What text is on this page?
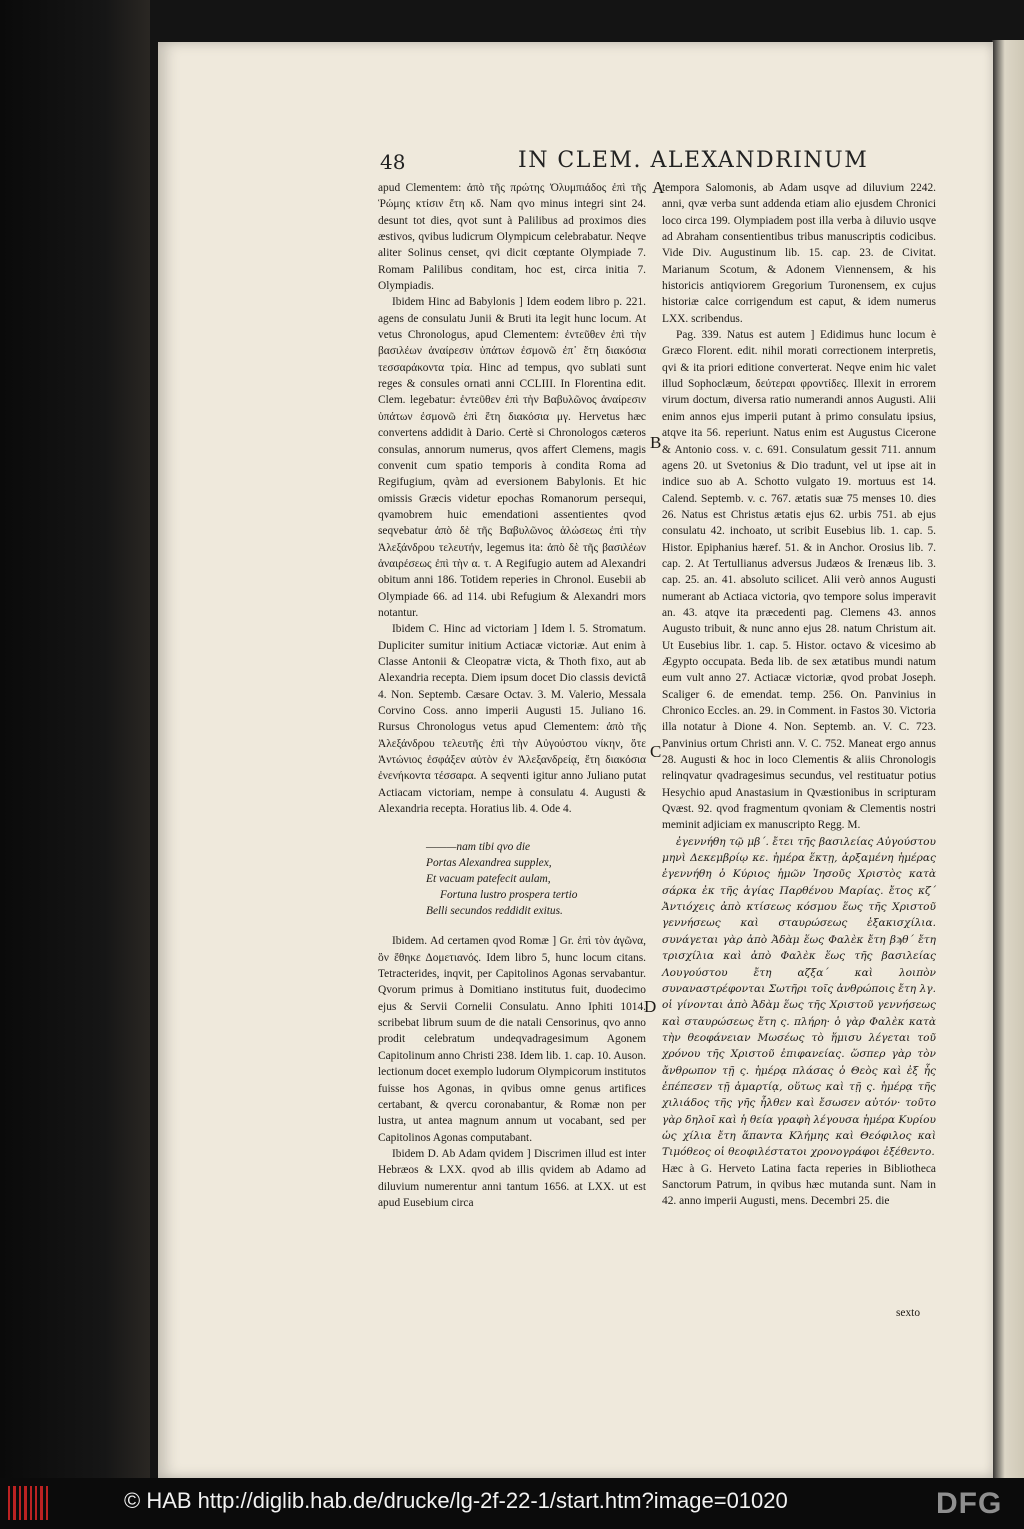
48	IN CLEM. ALEXANDRINUM

apud Clementem: ἀπὸ τῆς πρώτης Ὀλυμπιάδος ἐπὶ τῆς Ῥώμης κτίσιν ἔτη κδ. Nam qvo minus integri sint 24. desunt tot dies, qvot sunt à Palilibus ad proximos dies æstivos, qvibus ludicrum Olympicum celebrabatur. Neqve aliter Solinus censet, qvi dicit cœptante Olympiade 7. Romam Palilibus conditam, hoc est, circa initia 7. Olympiadis.

Ibidem Hinc ad Babylonis ] Idem eodem libro p. 221. agens de consulatu Junii & Bruti ita legit hunc locum. At vetus Chronologus, apud Clementem: ἐντεῦθεν ἐπὶ τὴν βασιλέων ἀναίρεσιν ὑπάτων ἐσμονῶ ἐπ᾽ ἔτη διακόσια τεσσαράκοντα τρία. Hinc ad tempus, qvo sublati sunt reges & consules ornati anni CCLIII. In Florentina edit. Clem. legebatur: ἐντεῦθεν ἐπὶ τὴν Βαβυλῶνος ἀναίρεσιν ὑπάτων ἐσμονῶ ἐπὶ ἔτη διακόσια μγ. Hervetus hæc convertens addidit à Dario. Certè si Chronologos cæteros consulas, annorum numerus, qvos affert Clemens, magis convenit cum spatio temporis à condita Roma ad Regifugium, qvàm ad eversionem Babylonis. Et hic omissis Græcis videtur epochas Romanorum persequi, qvamobrem huic emendationi assentientes qvod seqvebatur ἀπὸ δὲ τῆς Βαβυλῶνος ἁλώσεως ἐπὶ τὴν Ἀλεξάνδρου τελευτήν, legemus ita: ἀπὸ δὲ τῆς βασιλέων ἀναιρέσεως ἐπὶ τὴν α. τ. A Regifugio autem ad Alexandri obitum anni 186. Totidem reperies in Chronol. Eusebii ab Olympiade 66. ad 114. ubi Refugium & Alexandri mors notantur.

Ibidem C. Hinc ad victoriam ] Idem l. 5. Stromatum. Dupliciter sumitur initium Actiacæ victoriæ. Aut enim à Classe Antonii & Cleopatræ victa, & Thoth fixo, aut ab Alexandria recepta. Diem ipsum docet Dio classis devictâ 4. Non. Septemb. Cæsare Octav. 3. M. Valerio, Messala Corvino Coss. anno imperii Augusti 15. Juliano 16. Rursus Chronologus vetus apud Clementem: ἀπὸ τῆς Ἀλεξάνδρου τελευτῆς ἐπὶ τὴν Αὐγούστου νίκην, ὅτε Ἀντώνιος ἐσφάξεν αὑτὸν ἐν Ἀλεξανδρείᾳ, ἔτη διακόσια ἐνενήκοντα τέσσαρα. A seqventi igitur anno Juliano putat Actiacam victoriam, nempe à consulatu 4. Augusti & Alexandria recepta. Horatius lib. 4. Ode 4.

———nam tibi qvo die
Portas Alexandrea supplex,
Et vacuam patefecit aulam,
Fortuna lustro prospera tertio
Belli secundos reddidit exitus.

Ibidem. Ad certamen qvod Romæ ] Gr. ἐπὶ τὸν ἀγῶνα, ὃν ἔθηκε Δομετιανός. Idem libro 5, hunc locum citans. Tetracterides, inqvit, per Capitolinos Agonas servabantur. Qvorum primus à Domitiano institutus fuit, duodecimo ejus & Servii Cornelii Consulatu. Anno Iphiti 1014. scribebat librum suum de die natali Censorinus, qvo anno prodit celebratum undeqvadragesimum Agonem Capitolinum anno Christi 238. Idem lib. 1. cap. 10. Auson. lectionum docet exemplo ludorum Olympicorum institutos fuisse hos Agonas, in qvibus omne genus artifices certabant, & qvercu coronabantur, & Romæ non per lustra, ut antea magnum annum ut vocabant, sed per Capitolinos Agonas computabant.

Ibidem D. Ab Adam qvidem ] Discrimen illud est inter Hebræos & LXX. qvod ab illis qvidem ab Adamo ad diluvium numerentur anni tantum 1656. at LXX. ut est apud Eusebium circa

A
B
C
D

tempora Salomonis, ab Adam usqve ad diluvium 2242. anni, qvæ verba sunt addenda etiam alio ejusdem Chronici loco circa 199. Olympiadem post illa verba à diluvio usqve ad Abraham consentientibus tribus manuscriptis codicibus. Vide Div. Augustinum lib. 15. cap. 23. de Civitat. Marianum Scotum, & Adonem Viennensem, & his historicis antiqviorem Gregorium Turonensem, ex cujus historiæ calce corrigendum est caput, & idem numerus LXX. scribendus.

Pag. 339. Natus est autem ] Edidimus hunc locum è Græco Florent. edit. nihil morati correctionem interpretis, qvi & ita priori editione converterat. Neqve enim hic valet illud Sophoclæum, δεύτεραι φροντίδες. Illexit in errorem virum doctum, diversa ratio numerandi annos Augusti. Alii enim annos ejus imperii putant à primo consulatu ipsius, atqve ita 56. reperiunt. Natus enim est Augustus Cicerone & Antonio coss. v. c. 691. Consulatum gessit 711. annum agens 20. ut Svetonius & Dio tradunt, vel ut ipse ait in indice suo ab A. Schotto vulgato 19. mortuus est 14. Calend. Septemb. v. c. 767. ætatis suæ 75 menses 10. dies 26. Natus est Christus ætatis ejus 62. urbis 751. ab ejus consulatu 42. inchoato, ut scribit Eusebius lib. 1. cap. 5. Histor. Epiphanius hæref. 51. & in Anchor. Orosius lib. 7. cap. 2. At Tertullianus adversus Judæos & Irenæus lib. 3. cap. 25. an. 41. absoluto scilicet. Alii verò annos Augusti numerant ab Actiaca victoria, qvo tempore solus imperavit an. 43. atqve ita præcedenti pag. Clemens 43. annos Augusto tribuit, & nunc anno ejus 28. natum Christum ait. Ut Eusebius libr. 1. cap. 5. Histor. octavo & vicesimo ab Ægypto occupata. Beda lib. de sex ætatibus mundi natum eum vult anno 27. Actiacæ victoriæ, qvod probat Joseph. Scaliger 6. de emendat. temp. 256. On. Panvinius in Chronico Eccles. an. 29. in Comment. in Fastos 30. Victoria illa notatur à Dione 4. Non. Septemb. an. V. C. 723. Panvinius ortum Christi ann. V. C. 752. Maneat ergo annus 28. Augusti & hoc in loco Clementis & aliis Chronologis relinqvatur qvadragesimus secundus, vel restituatur potius Hesychio apud Anastasium in Qvæstionibus in scripturam Qvæst. 92. qvod fragmentum qvoniam & Clementis nostri meminit adjiciam ex manuscripto Regg. M.

ἐγεννήθη τῷ μβ΄. ἔτει τῆς βασιλείας Αὐγούστου μηνὶ Δεκεμβρίῳ κε. ἡμέρα ἕκτῃ, ἀρξαμένη ἡμέρας ἐγεννήθη ὁ Κύριος ἡμῶν Ἰησοῦς Χριστὸς κατὰ σάρκα ἐκ τῆς ἁγίας Παρθένου Μαρίας. ἔτος κζ΄ Ἀντιόχεις ἀπὸ κτίσεως κόσμου ἕως τῆς Χριστοῦ γεννήσεως καὶ σταυρώσεως ἐξακισχίλια. συνάγεται γὰρ ἀπὸ Ἀδὰμ ἕως Φαλὲκ ἔτη βϡθ΄ ἔτη τρισχίλια καὶ ἀπὸ Φαλὲκ ἕως τῆς βασιλείας Λουγούστου ἔτη αζξα΄ καὶ λοιπὸν συναναστρέφονται Σωτῆρι τοῖς ἀνθρώποις ἔτη λγ. οἱ γίνονται ἀπὸ Ἀδὰμ ἕως τῆς Χριστοῦ γεννήσεως καὶ σταυρώσεως ἔτη ς. πλήρη· ὁ γὰρ Φαλὲκ κατὰ τὴν θεοφάνειαν Μωσέως τὸ ἥμισυ λέγεται τοῦ χρόνου τῆς Χριστοῦ ἐπιφανείας. ὥσπερ γὰρ τὸν ἄνθρωπον τῇ ς. ἡμέρᾳ πλάσας ὁ Θεὸς καὶ ἐξ ἧς ἐπέπεσεν τῇ ἁμαρτίᾳ, οὕτως καὶ τῇ ς. ἡμέρᾳ τῆς χιλιάδος τῆς γῆς ἦλθεν καὶ ἔσωσεν αὐτόν· τοῦτο γὰρ δηλοῖ καὶ ἡ θεία γραφὴ λέγουσα ἡμέρα Κυρίου ὡς χίλια ἔτη ἅπαντα Κλήμης καὶ Θεόφιλος καὶ Τιμόθεος οἱ θεοφιλέστατοι χρονογράφοι ἐξέθεντο.

Hæc à G. Herveto Latina facta reperies in Bibliotheca Sanctorum Patrum, in qvibus hæc mutanda sunt. Nam in 42. anno imperii Augusti, mens. Decembri 25. die

sexto
© HAB http://diglib.hab.de/drucke/lg-2f-22-1/start.htm?image=01020	DFG
